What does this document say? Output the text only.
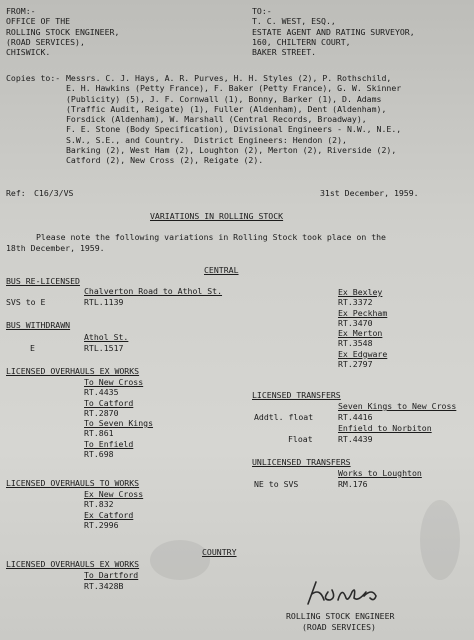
FROM:-
OFFICE OF THE
ROLLING STOCK ENGINEER,
(ROAD SERVICES),
CHISWICK.
TO:-
T. C. WEST, ESQ.,
ESTATE AGENT AND RATING SURVEYOR,
160, CHILTERN COURT,
BAKER STREET.
Copies to:- Messrs. C. J. Hays, A. R. Purves, H. H. Styles (2), P. Rothschild,
E. H. Hawkins (Petty France), F. Baker (Petty France), G. W. Skinner
(Publicity) (5), J. F. Cornwall (1), Bonny, Barker (1), D. Adams
(Traffic Audit, Reigate) (1), Fuller (Aldenham), Dent (Aldenham),
Forsdick (Aldenham), W. Marshall (Central Records, Broadway),
F. E. Stone (Body Specification), Divisional Engineers - N.W., N.E.,
S.W., S.E., and Country.  District Engineers: Hendon (2),
Barking (2), West Ham (2), Loughton (2), Merton (2), Riverside (2),
Catford (2), New Cross (2), Reigate (2).
Ref: C16/3/VS	31st December, 1959.
VARIATIONS IN ROLLING STOCK
Please note the following variations in Rolling Stock took place on the
18th December, 1959.
CENTRAL
BUS RE-LICENSED
Chalverton Road to Athol St.
SVS to E	RTL.1139
BUS WITHDRAWN
Athol St.
E	RTL.1517
Ex Bexley
RT.3372
Ex Peckham
RT.3470
Ex Merton
RT.3548
Ex Edgware
RT.2797
LICENSED OVERHAULS EX WORKS
To New Cross
RT.4435
To Catford
RT.2870
To Seven Kings
RT.861
To Enfield
RT.698
LICENSED TRANSFERS
Seven Kings to New Cross
Addtl. float	RT.4416
Enfield to Norbiton
Float	RT.4439
UNLICENSED TRANSFERS
Works to Loughton
NE to SVS	RM.176
LICENSED OVERHAULS TO WORKS
Ex New Cross
RT.832
Ex Catford
RT.2996
COUNTRY
LICENSED OVERHAULS EX WORKS
To Dartford
RT.3428B
ROLLING STOCK ENGINEER
(ROAD SERVICES)
